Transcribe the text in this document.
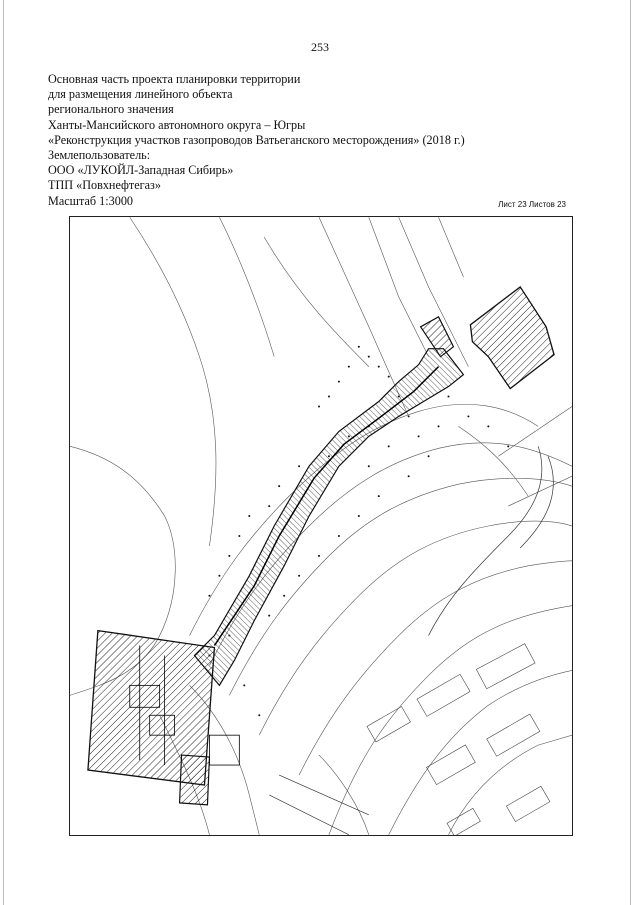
253
Основная часть проекта планировки территории
для размещения линейного объекта
регионального значения
Ханты-Мансийского автономного округа – Югры
«Реконструкция участков газопроводов Ватьеганского месторождения» (2018 г.)
Землепользователь:
ООО «ЛУКОЙЛ-Западная Сибирь»
ТПП «Повхнефтегаз»
Масштаб 1:3000	Лист 23 Листов 23
